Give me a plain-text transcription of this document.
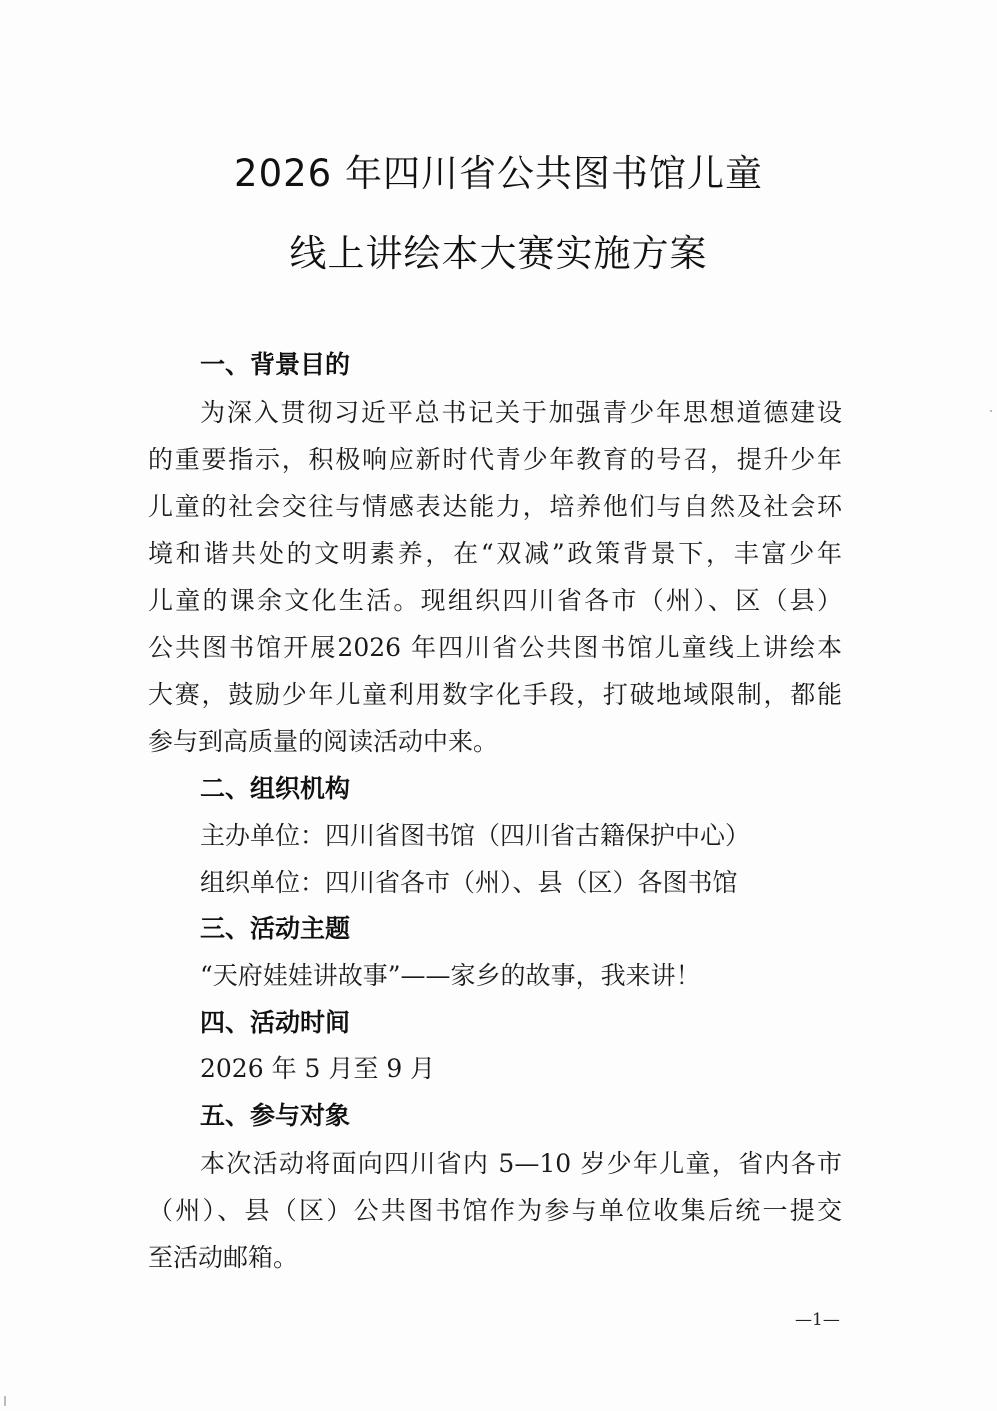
2026 年四川省公共图书馆儿童
线上讲绘本大赛实施方案
一、背景目的
为深入贯彻习近平总书记关于加强青少年思想道德建设
的重要指示，积极响应新时代青少年教育的号召，提升少年
儿童的社会交往与情感表达能力，培养他们与自然及社会环
境和谐共处的文明素养，在“双减”政策背景下，丰富少年
儿童的课余文化生活。现组织四川省各市（州）、区（县）
公共图书馆开展2026 年四川省公共图书馆儿童线上讲绘本
大赛，鼓励少年儿童利用数字化手段，打破地域限制，都能
参与到高质量的阅读活动中来。
二、组织机构
主办单位：四川省图书馆（四川省古籍保护中心）
组织单位：四川省各市（州）、县（区）各图书馆
三、活动主题
“天府娃娃讲故事”——家乡的故事，我来讲！
四、活动时间
2026 年 5 月至 9 月
五、参与对象
本次活动将面向四川省内 5—10 岁少年儿童，省内各市
（州）、县（区）公共图书馆作为参与单位收集后统一提交
至活动邮箱。
—1—
